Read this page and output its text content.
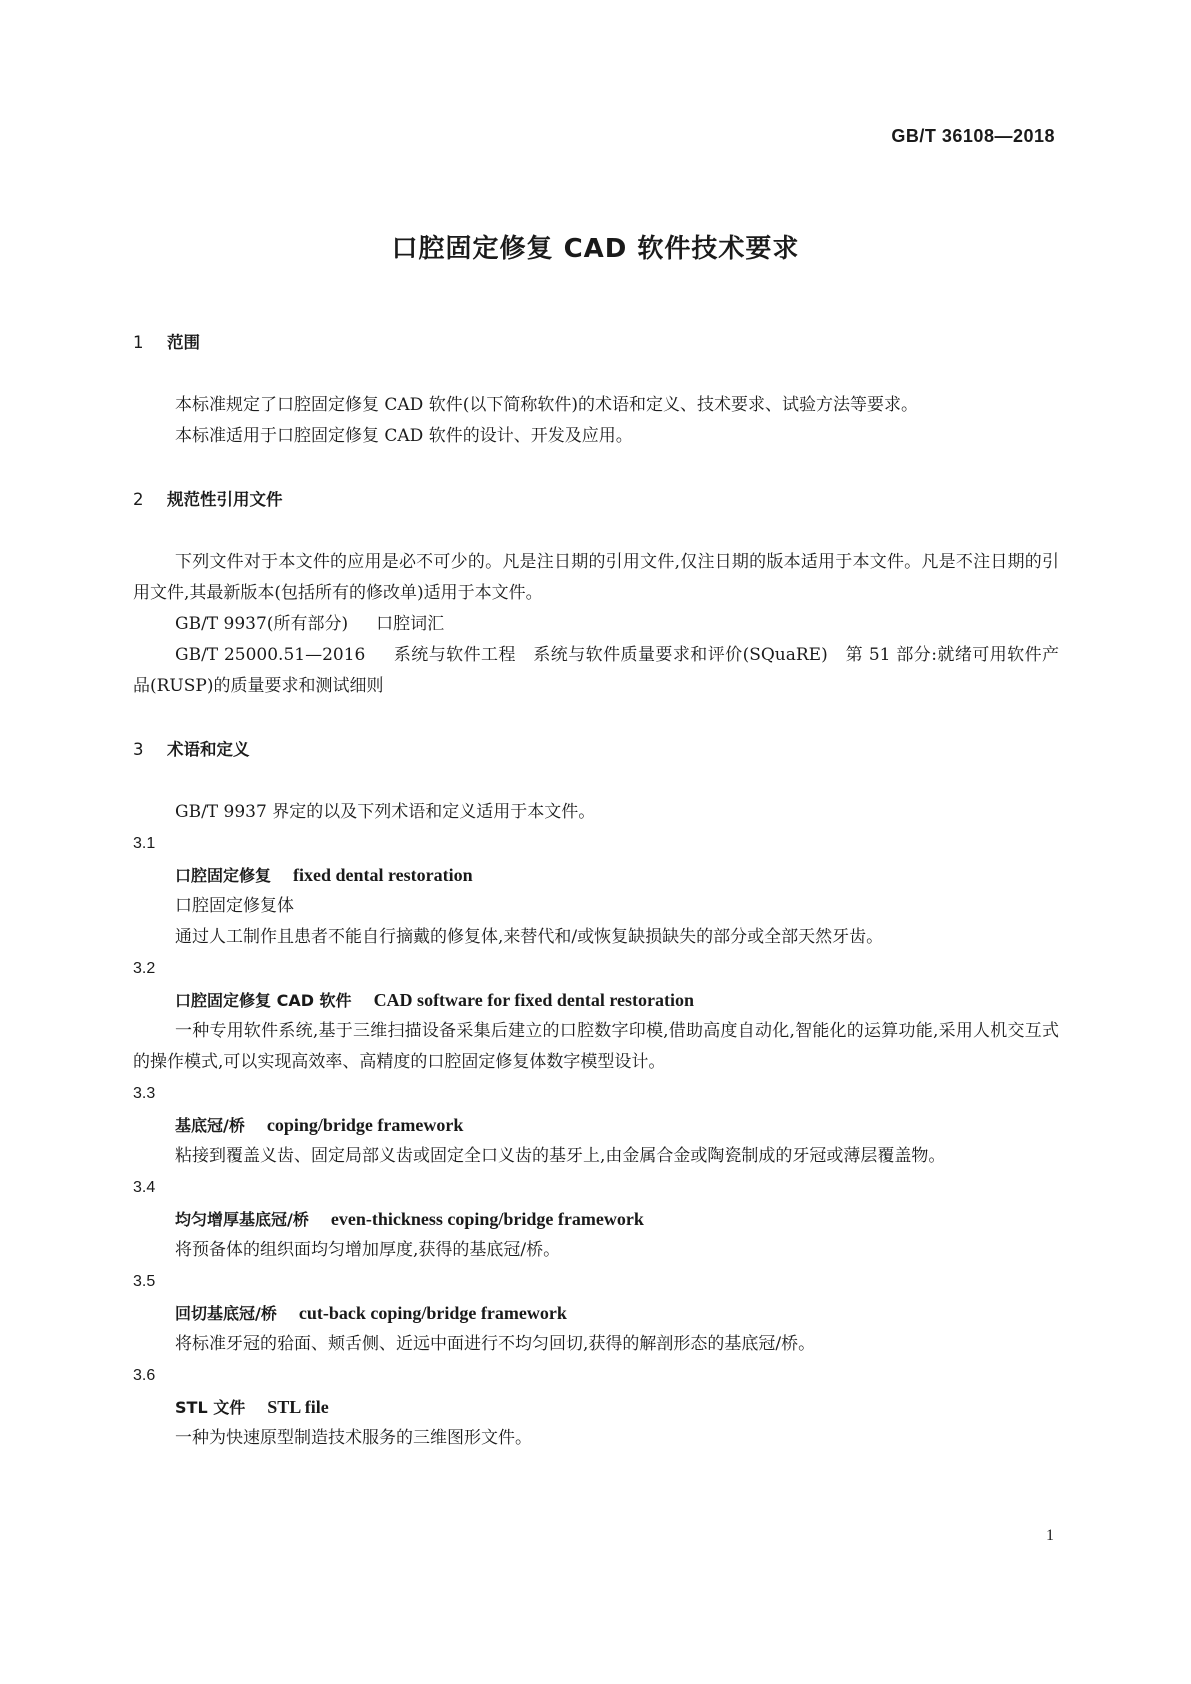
GB/T 36108—2018
口腔固定修复 CAD 软件技术要求
1 范围
本标准规定了口腔固定修复 CAD 软件(以下简称软件)的术语和定义、技术要求、试验方法等要求。
本标准适用于口腔固定修复 CAD 软件的设计、开发及应用。
2 规范性引用文件
下列文件对于本文件的应用是必不可少的。凡是注日期的引用文件,仅注日期的版本适用于本文件。凡是不注日期的引用文件,其最新版本(包括所有的修改单)适用于本文件。
GB/T 9937(所有部分) 口腔词汇
GB/T 25000.51—2016 系统与软件工程　系统与软件质量要求和评价(SQuaRE)　第 51 部分:就绪可用软件产品(RUSP)的质量要求和测试细则
3 术语和定义
GB/T 9937 界定的以及下列术语和定义适用于本文件。
3.1
口腔固定修复 fixed dental restoration
口腔固定修复体
通过人工制作且患者不能自行摘戴的修复体,来替代和/或恢复缺损缺失的部分或全部天然牙齿。
3.2
口腔固定修复 CAD 软件 CAD software for fixed dental restoration
一种专用软件系统,基于三维扫描设备采集后建立的口腔数字印模,借助高度自动化,智能化的运算功能,采用人机交互式的操作模式,可以实现高效率、高精度的口腔固定修复体数字模型设计。
3.3
基底冠/桥 coping/bridge framework
粘接到覆盖义齿、固定局部义齿或固定全口义齿的基牙上,由金属合金或陶瓷制成的牙冠或薄层覆盖物。
3.4
均匀增厚基底冠/桥 even-thickness coping/bridge framework
将预备体的组织面均匀增加厚度,获得的基底冠/桥。
3.5
回切基底冠/桥 cut-back coping/bridge framework
将标准牙冠的𬌗面、颊舌侧、近远中面进行不均匀回切,获得的解剖形态的基底冠/桥。
3.6
STL 文件 STL file
一种为快速原型制造技术服务的三维图形文件。
1
